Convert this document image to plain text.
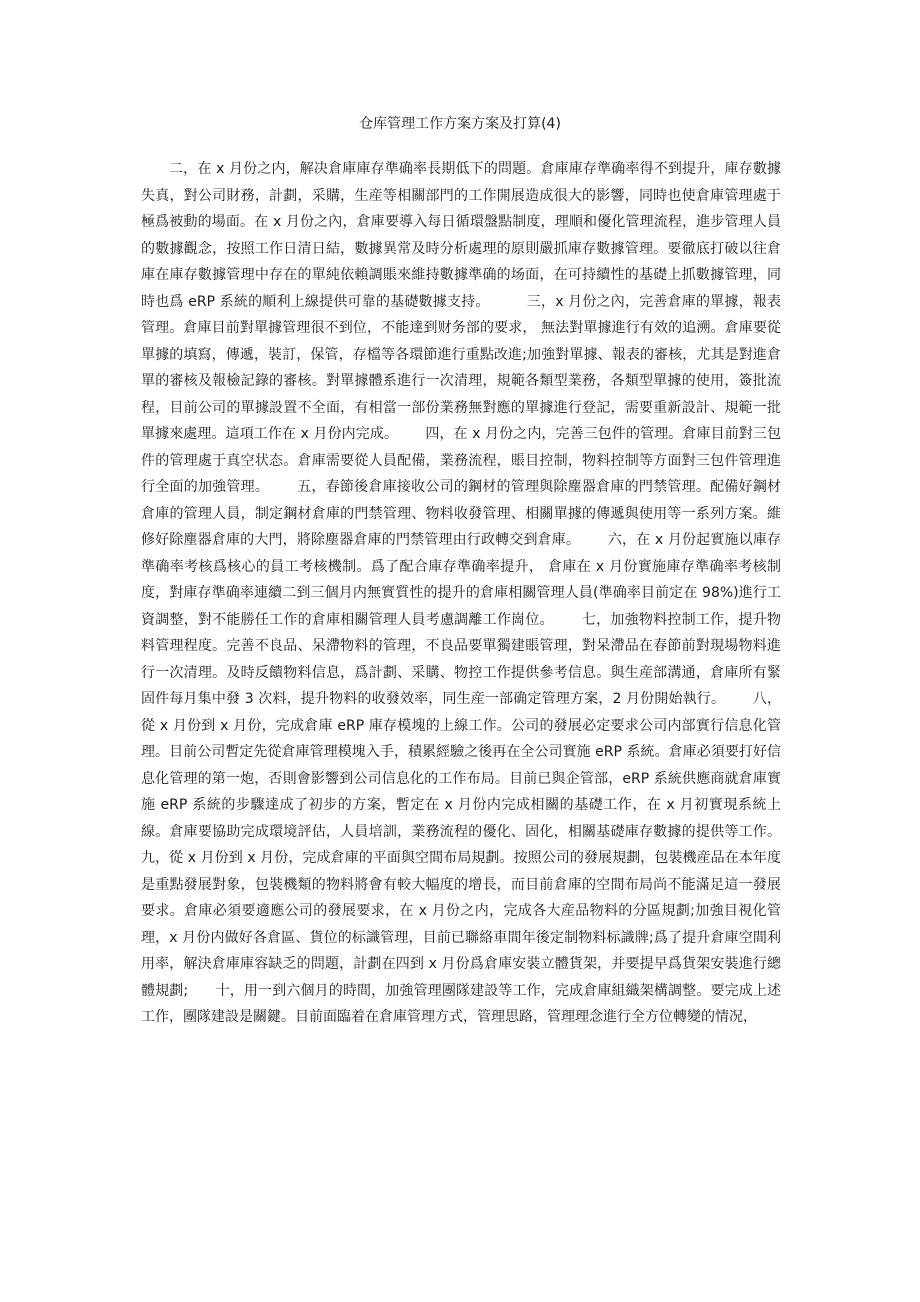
仓库管理工作方案方案及打算(4)

二，在 x 月份之内，解决倉庫庫存準确率長期低下的問題。倉庫庫存準确率得不到提升，庫存數據失真，對公司財務，計劃，采購，生産等相關部門的工作開展造成很大的影響，同時也使倉庫管理處于極爲被動的場面。在 x 月份之內，倉庫要導入每日循環盤點制度，理順和優化管理流程，進步管理人員的數據觀念，按照工作日清日結，數據異常及時分析處理的原則嚴抓庫存數據管理。要徹底打破以往倉庫在庫存數據管理中存在的單純依賴調賬來維持數據準确的场面，在可持續性的基礎上抓數據管理，同時也爲 eRP 系統的順利上線提供可靠的基礎數據支持。        三，x 月份之內，完善倉庫的單據，報表管理。倉庫目前對單據管理很不到位，不能達到财务部的要求， 無法對單據進行有效的追溯。倉庫要從單據的填寫，傳遞，裝訂，保管，存檔等各環節進行重點改進;加強對單據、報表的審核，尤其是對進倉單的審核及報檢記錄的審核。對單據體系進行一次清理，規範各類型業務，各類型單據的使用，簽批流程，目前公司的單據設置不全面，有相當一部份業務無對應的單據進行登記，需要重新設計、規範一批單據來處理。這項工作在 x 月份内完成。      四，在 x 月份之内，完善三包件的管理。倉庫目前對三包件的管理處于真空状态。倉庫需要從人員配備，業務流程，賬目控制，物料控制等方面對三包件管理進行全面的加強管理。      五，春節後倉庫接收公司的鋼材的管理與除塵器倉庫的門禁管理。配備好鋼材倉庫的管理人員，制定鋼材倉庫的門禁管理、物料收發管理、相關單據的傳遞與使用等一系列方案。維修好除塵器倉庫的大門，將除塵器倉庫的門禁管理由行政轉交到倉庫。      六，在 x 月份起實施以庫存準确率考核爲核心的員工考核機制。爲了配合庫存準确率提升， 倉庫在 x 月份實施庫存準确率考核制度，對庫存準确率連續二到三個月内無實質性的提升的倉庫相關管理人員(準确率目前定在 98%)進行工資調整，對不能勝任工作的倉庫相關管理人員考慮調離工作崗位。      七，加強物料控制工作，提升物料管理程度。完善不良品、呆滯物料的管理，不良品要單獨建賬管理，對呆滯品在春節前對現場物料進行一次清理。及時反饋物料信息，爲計劃、采購、物控工作提供參考信息。與生産部溝通，倉庫所有緊固件每月集中發 3 次料，提升物料的收發效率，同生産一部确定管理方案，2 月份開始執行。      八，從 x 月份到 x 月份，完成倉庫 eRP 庫存模塊的上線工作。公司的發展必定要求公司内部實行信息化管理。目前公司暫定先從倉庫管理模塊入手，積累經驗之後再在全公司實施 eRP 系統。倉庫必須要打好信息化管理的第一炮，否則會影響到公司信息化的工作布局。目前已與企管部，eRP 系統供應商就倉庫實施 eRP 系統的步驟達成了初步的方案，暫定在 x 月份内完成相關的基礎工作，在 x 月初實現系統上線。倉庫要協助完成環境評估，人員培訓，業務流程的優化、固化，相關基礎庫存數據的提供等工作。      九，從 x 月份到 x 月份，完成倉庫的平面與空間布局規劃。按照公司的發展規劃，包裝機産品在本年度是重點發展對象，包裝機類的物料將會有較大幅度的增長，而目前倉庫的空間布局尚不能滿足這一發展要求。倉庫必須要適應公司的發展要求，在 x 月份之内，完成各大産品物料的分區規劃;加強目視化管理，x 月份内做好各倉區、貨位的标識管理，目前已聯絡車間年後定制物料标識牌;爲了提升倉庫空間利用率，解決倉庫庫容缺乏的問題，計劃在四到 x 月份爲倉庫安裝立體貨架，并要提早爲貨架安裝進行總體規劃;      十，用一到六個月的時間，加強管理團隊建設等工作，完成倉庫組織架構調整。要完成上述工作，團隊建設是關鍵。目前面臨着在倉庫管理方式，管理思路，管理理念進行全方位轉變的情况，
